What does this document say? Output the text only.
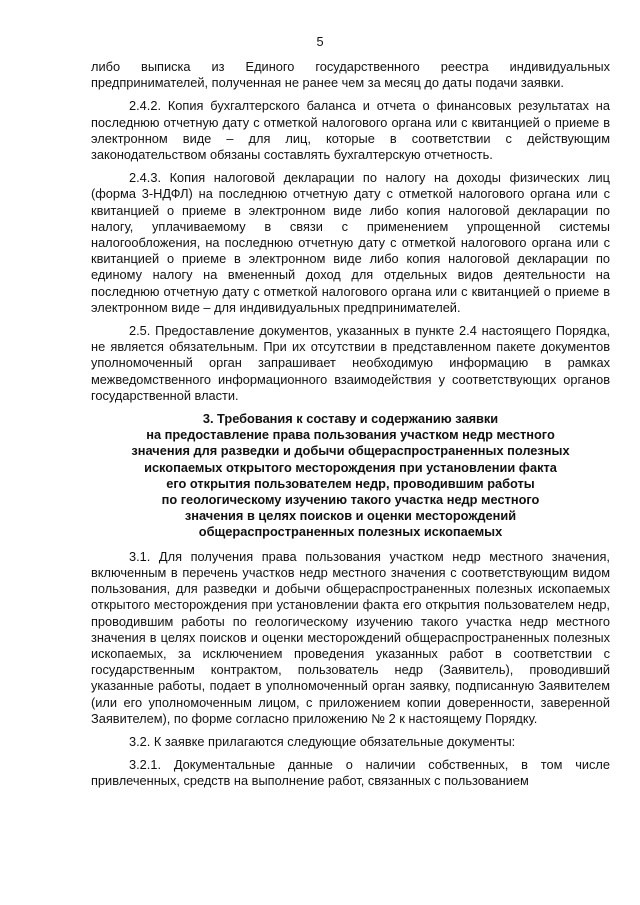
5

либо выписка из Единого государственного реестра индивидуальных предпринимателей, полученная не ранее чем за месяц до даты подачи заявки.

2.4.2. Копия бухгалтерского баланса и отчета о финансовых результатах на последнюю отчетную дату с отметкой налогового органа или с квитанцией о приеме в электронном виде – для лиц, которые в соответствии с действующим законодательством обязаны составлять бухгалтерскую отчетность.

2.4.3. Копия налоговой декларации по налогу на доходы физических лиц (форма 3-НДФЛ) на последнюю отчетную дату с отметкой налогового органа или с квитанцией о приеме в электронном виде либо копия налоговой декларации по налогу, уплачиваемому в связи с применением упрощенной системы налогообложения, на последнюю отчетную дату с отметкой налогового органа или с квитанцией о приеме в электронном виде либо копия налоговой декларации по единому налогу на вмененный доход для отдельных видов деятельности на последнюю отчетную дату с отметкой налогового органа или с квитанцией о приеме в электронном виде – для индивидуальных предпринимателей.

2.5. Предоставление документов, указанных в пункте 2.4 настоящего Порядка, не является обязательным. При их отсутствии в представленном пакете документов уполномоченный орган запрашивает необходимую информацию в рамках межведомственного информационного взаимодействия у соответствующих органов государственной власти.

3. Требования к составу и содержанию заявки
на предоставление права пользования участком недр местного
значения для разведки и добычи общераспространенных полезных
ископаемых открытого месторождения при установлении факта
его открытия пользователем недр, проводившим работы
по геологическому изучению такого участка недр местного
значения в целях поисков и оценки месторождений
общераспространенных полезных ископаемых

3.1. Для получения права пользования участком недр местного значения, включенным в перечень участков недр местного значения с соответствующим видом пользования, для разведки и добычи общераспространенных полезных ископаемых открытого месторождения при установлении факта его открытия пользователем недр, проводившим работы по геологическому изучению такого участка недр местного значения в целях поисков и оценки месторождений общераспространенных полезных ископаемых, за исключением проведения указанных работ в соответствии с государственным контрактом, пользователь недр (Заявитель), проводивший указанные работы, подает в уполномоченный орган заявку, подписанную Заявителем (или его уполномоченным лицом, с приложением копии доверенности, заверенной Заявителем), по форме согласно приложению № 2 к настоящему Порядку.

3.2. К заявке прилагаются следующие обязательные документы:

3.2.1. Документальные данные о наличии собственных, в том числе привлеченных, средств на выполнение работ, связанных с пользованием
